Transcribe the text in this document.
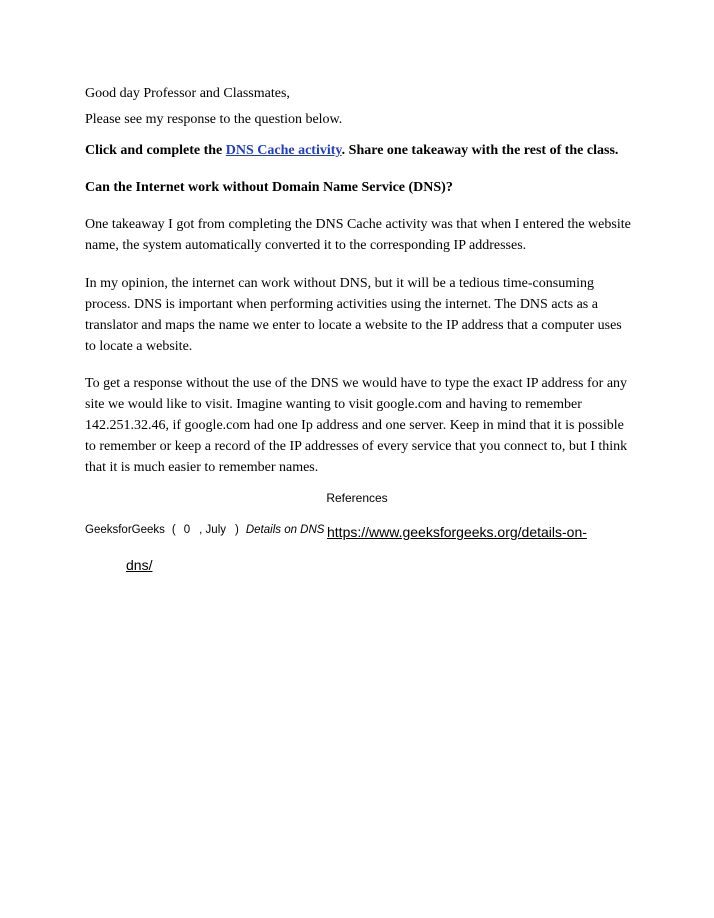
Good day Professor and Classmates,
Please see my response to the question below.
Click and complete the DNS Cache activity. Share one takeaway with the rest of the class.
Can the Internet work without Domain Name Service (DNS)?
One takeaway I got from completing the DNS Cache activity was that when I entered the website
name, the system automatically converted it to the corresponding IP addresses.
In my opinion, the internet can work without DNS, but it will be a tedious time-consuming
process. DNS is important when performing activities using the internet. The DNS acts as a
translator and maps the name we enter to locate a website to the IP address that a computer uses
to locate a website.
To get a response without the use of the DNS we would have to type the exact IP address for any
site we would like to visit. Imagine wanting to visit google.com and having to remember
142.251.32.46, if google.com had one Ip address and one server. Keep in mind that it is possible
to remember or keep a record of the IP addresses of every service that you connect to, but I think
that it is much easier to remember names.
References
GeeksforGeeks ( 0 , July ) Details on DNS https://www.geeksforgeeks.org/details-on-
dns/
